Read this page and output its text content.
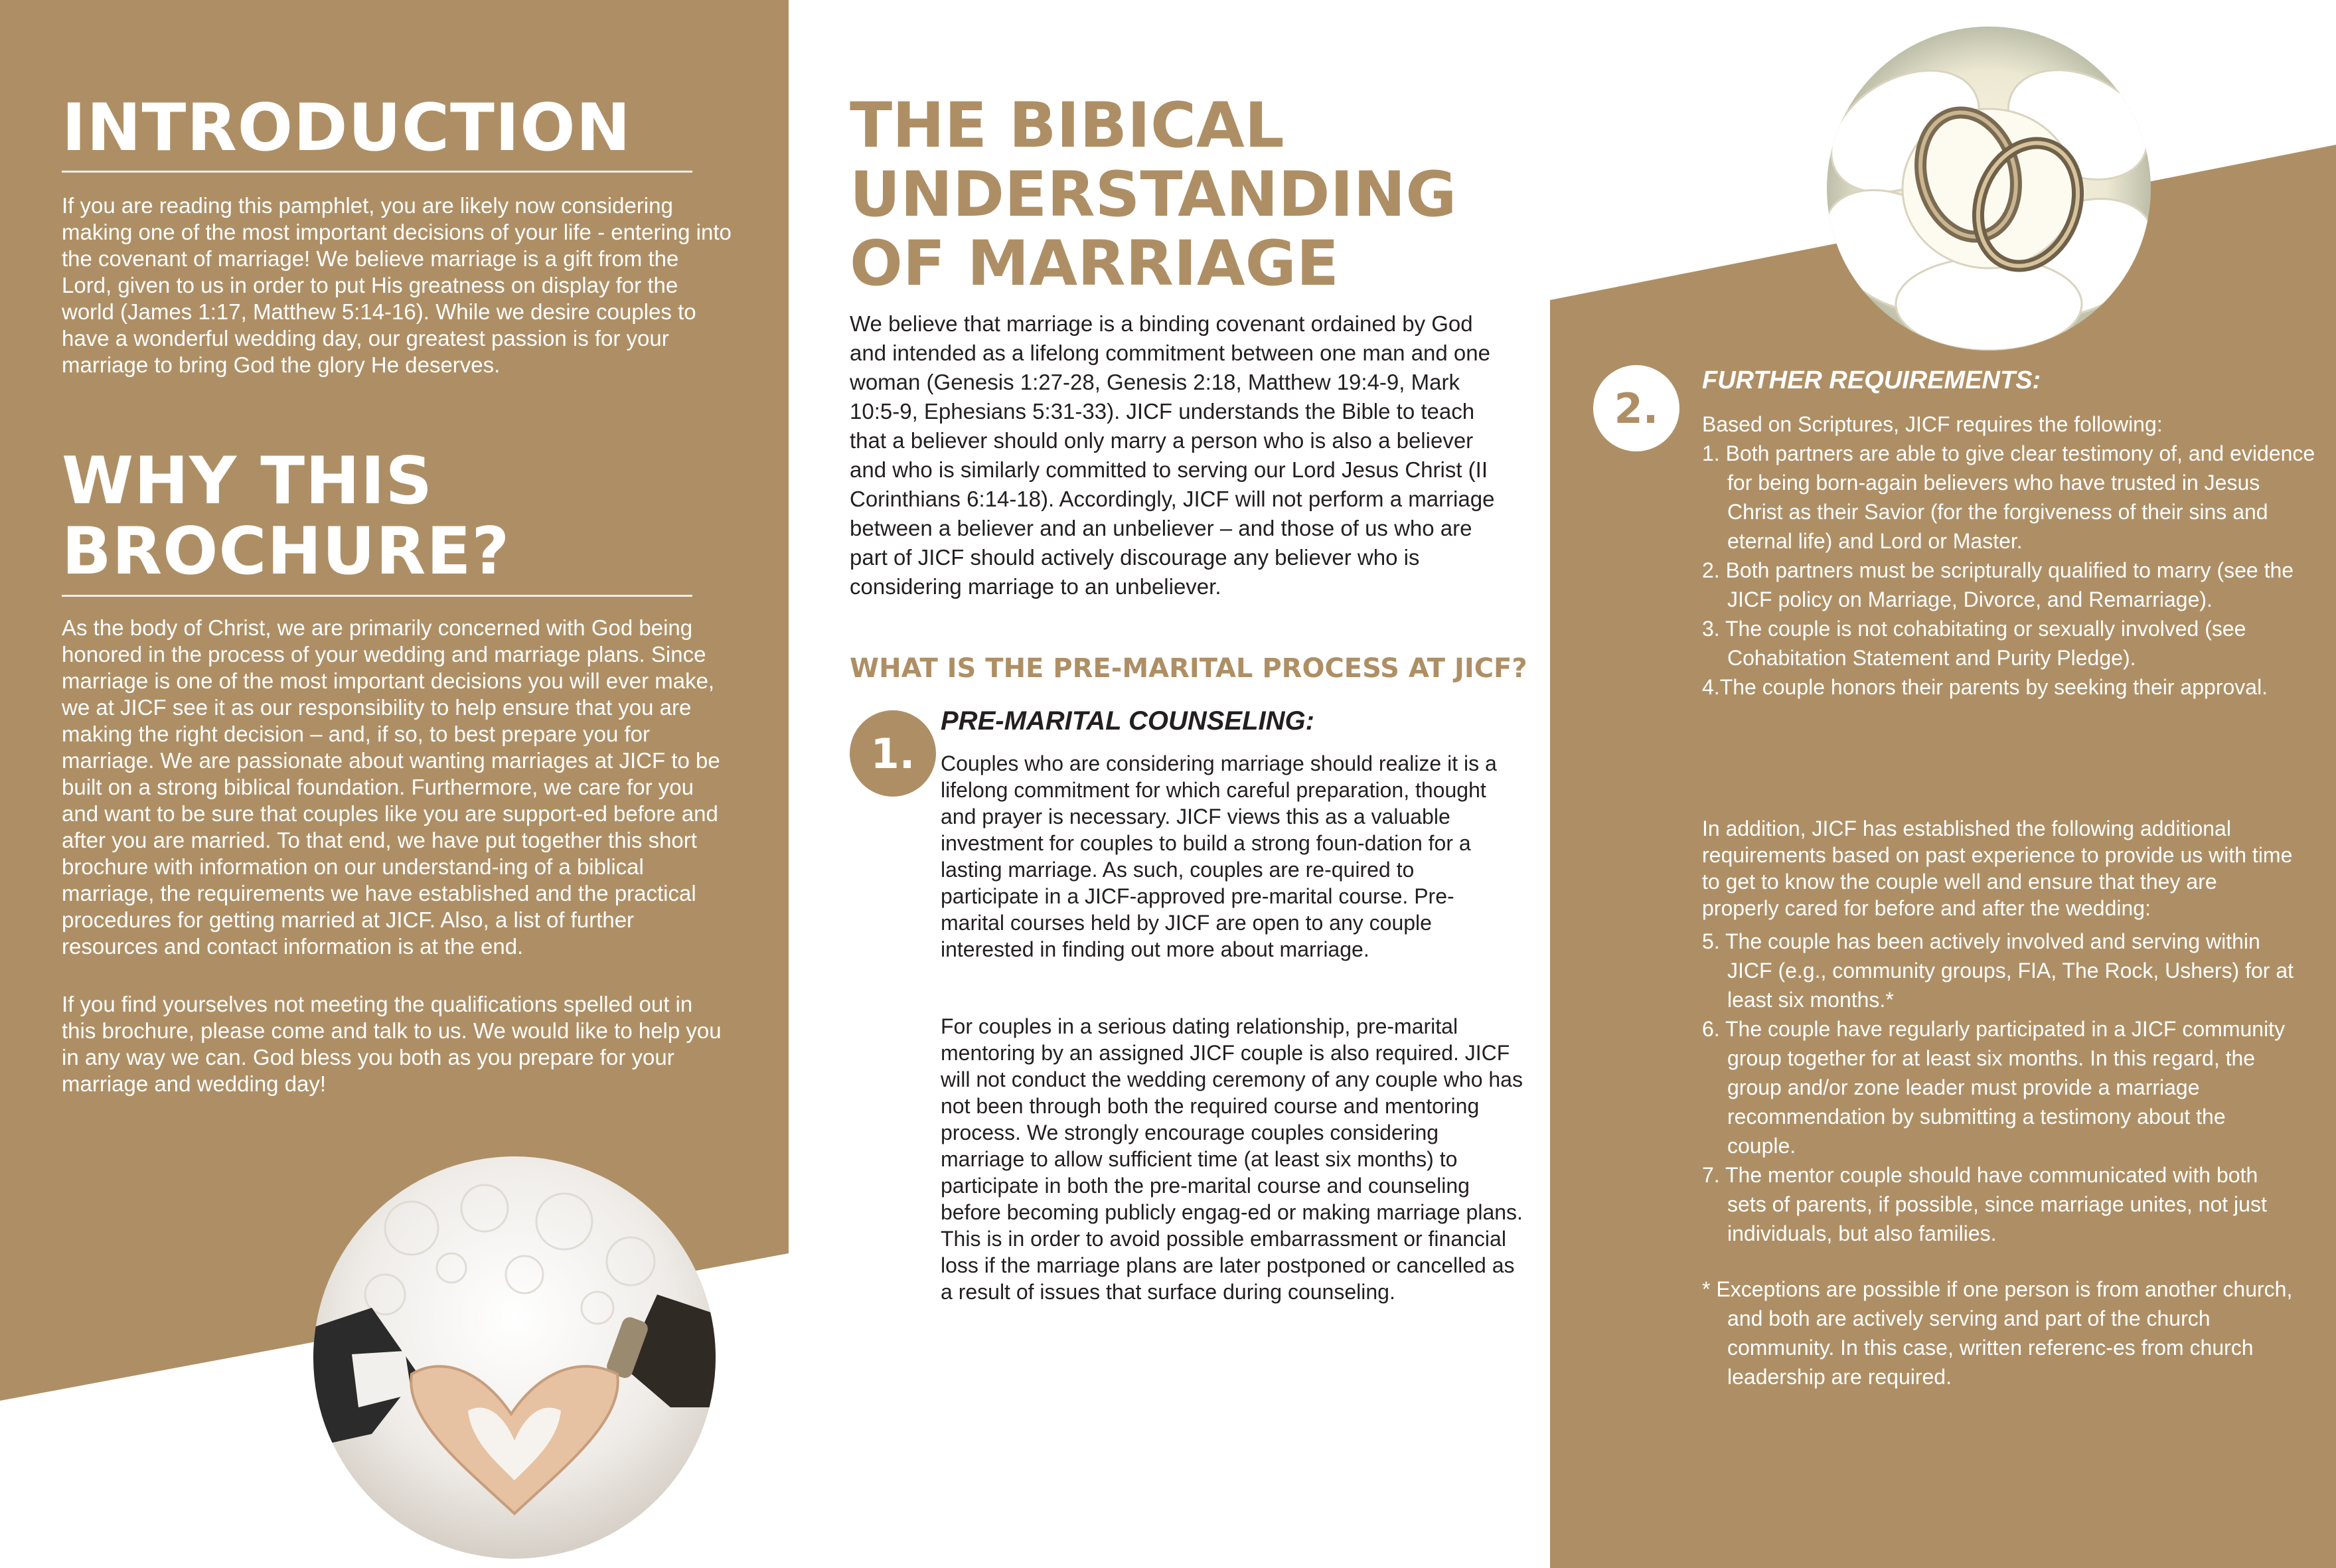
INTRODUCTION

If you are reading this pamphlet, you are likely now considering making one of the most important decisions of your life - entering into the covenant of marriage! We believe marriage is a gift from the Lord, given to us in order to put His greatness on display for the world (James 1:17, Matthew 5:14-16). While we desire couples to have a wonderful wedding day, our greatest passion is for your marriage to bring God the glory He deserves.

WHY THIS
BROCHURE?

As the body of Christ, we are primarily concerned with God being honored in the process of your wedding and marriage plans. Since marriage is one of the most important decisions you will ever make, we at JICF see it as our responsibility to help ensure that you are making the right decision – and, if so, to best prepare you for marriage. We are passionate about wanting marriages at JICF to be built on a strong biblical foundation. Furthermore, we care for you and want to be sure that couples like you are support-ed before and after you are married. To that end, we have put together this short brochure with information on our understand-ing of a biblical marriage, the requirements we have established and the practical procedures for getting married at JICF. Also, a list of further resources and contact information is at the end.

If you find yourselves not meeting the qualifications spelled out in this brochure, please come and talk to us. We would like to help you in any way we can. God bless you both as you prepare for your marriage and wedding day!

THE BIBICAL
UNDERSTANDING
OF MARRIAGE

We believe that marriage is a binding covenant ordained by God and intended as a lifelong commitment between one man and one woman (Genesis 1:27-28, Genesis 2:18, Matthew 19:4-9, Mark 10:5-9, Ephesians 5:31-33). JICF understands the Bible to teach that a believer should only marry a person who is also a believer and who is similarly committed to serving our Lord Jesus Christ (II Corinthians 6:14-18). Accordingly, JICF will not perform a marriage between a believer and an unbeliever – and those of us who are part of JICF should actively discourage any believer who is considering marriage to an unbeliever.

WHAT IS THE PRE-MARITAL PROCESS AT JICF?
1.
PRE-MARITAL COUNSELING:

Couples who are considering marriage should realize it is a lifelong commitment for which careful preparation, thought and prayer is necessary. JICF views this as a valuable investment for couples to build a strong foun-dation for a lasting marriage. As such, couples are re-quired to participate in a JICF-approved pre-marital course. Pre-marital courses held by JICF are open to any couple interested in finding out more about marriage.

For couples in a serious dating relationship, pre-marital mentoring by an assigned JICF couple is also required. JICF will not conduct the wedding ceremony of any couple who has not been through both the required course and mentoring process. We strongly encourage couples considering marriage to allow sufficient time (at least six months) to participate in both the pre-marital course and counseling before becoming publicly engag-ed or making marriage plans. This is in order to avoid possible embarrassment or financial loss if the marriage plans are later postponed or cancelled as a result of issues that surface during counseling.

2.
FURTHER REQUIREMENTS:

Based on Scriptures, JICF requires the following:

1. Both partners are able to give clear testimony of, and evidence for being born-again believers who have trusted in Jesus Christ as their Savior (for the forgiveness of their sins and eternal life) and Lord or Master.
2. Both partners must be scripturally qualified to marry (see the JICF policy on Marriage, Divorce, and Remarriage).
3. The couple is not cohabitating or sexually involved (see Cohabitation Statement and Purity Pledge).
4.The couple honors their parents by seeking their approval.

In addition, JICF has established the following additional requirements based on past experience to provide us with time to get to know the couple well and ensure that they are properly cared for before and after the wedding:

5. The couple has been actively involved and serving within JICF (e.g., community groups, FIA, The Rock, Ushers) for at least six months.*
6. The couple have regularly participated in a JICF community group together for at least six months. In this regard, the group and/or zone leader must provide a marriage recommendation by submitting a testimony about the couple.
7. The mentor couple should have communicated with both sets of parents, if possible, since marriage unites, not just individuals, but also families.

* Exceptions are possible if one person is from another church, and both are actively serving and part of the church community. In this case, written referenc-es from church leadership are required.
